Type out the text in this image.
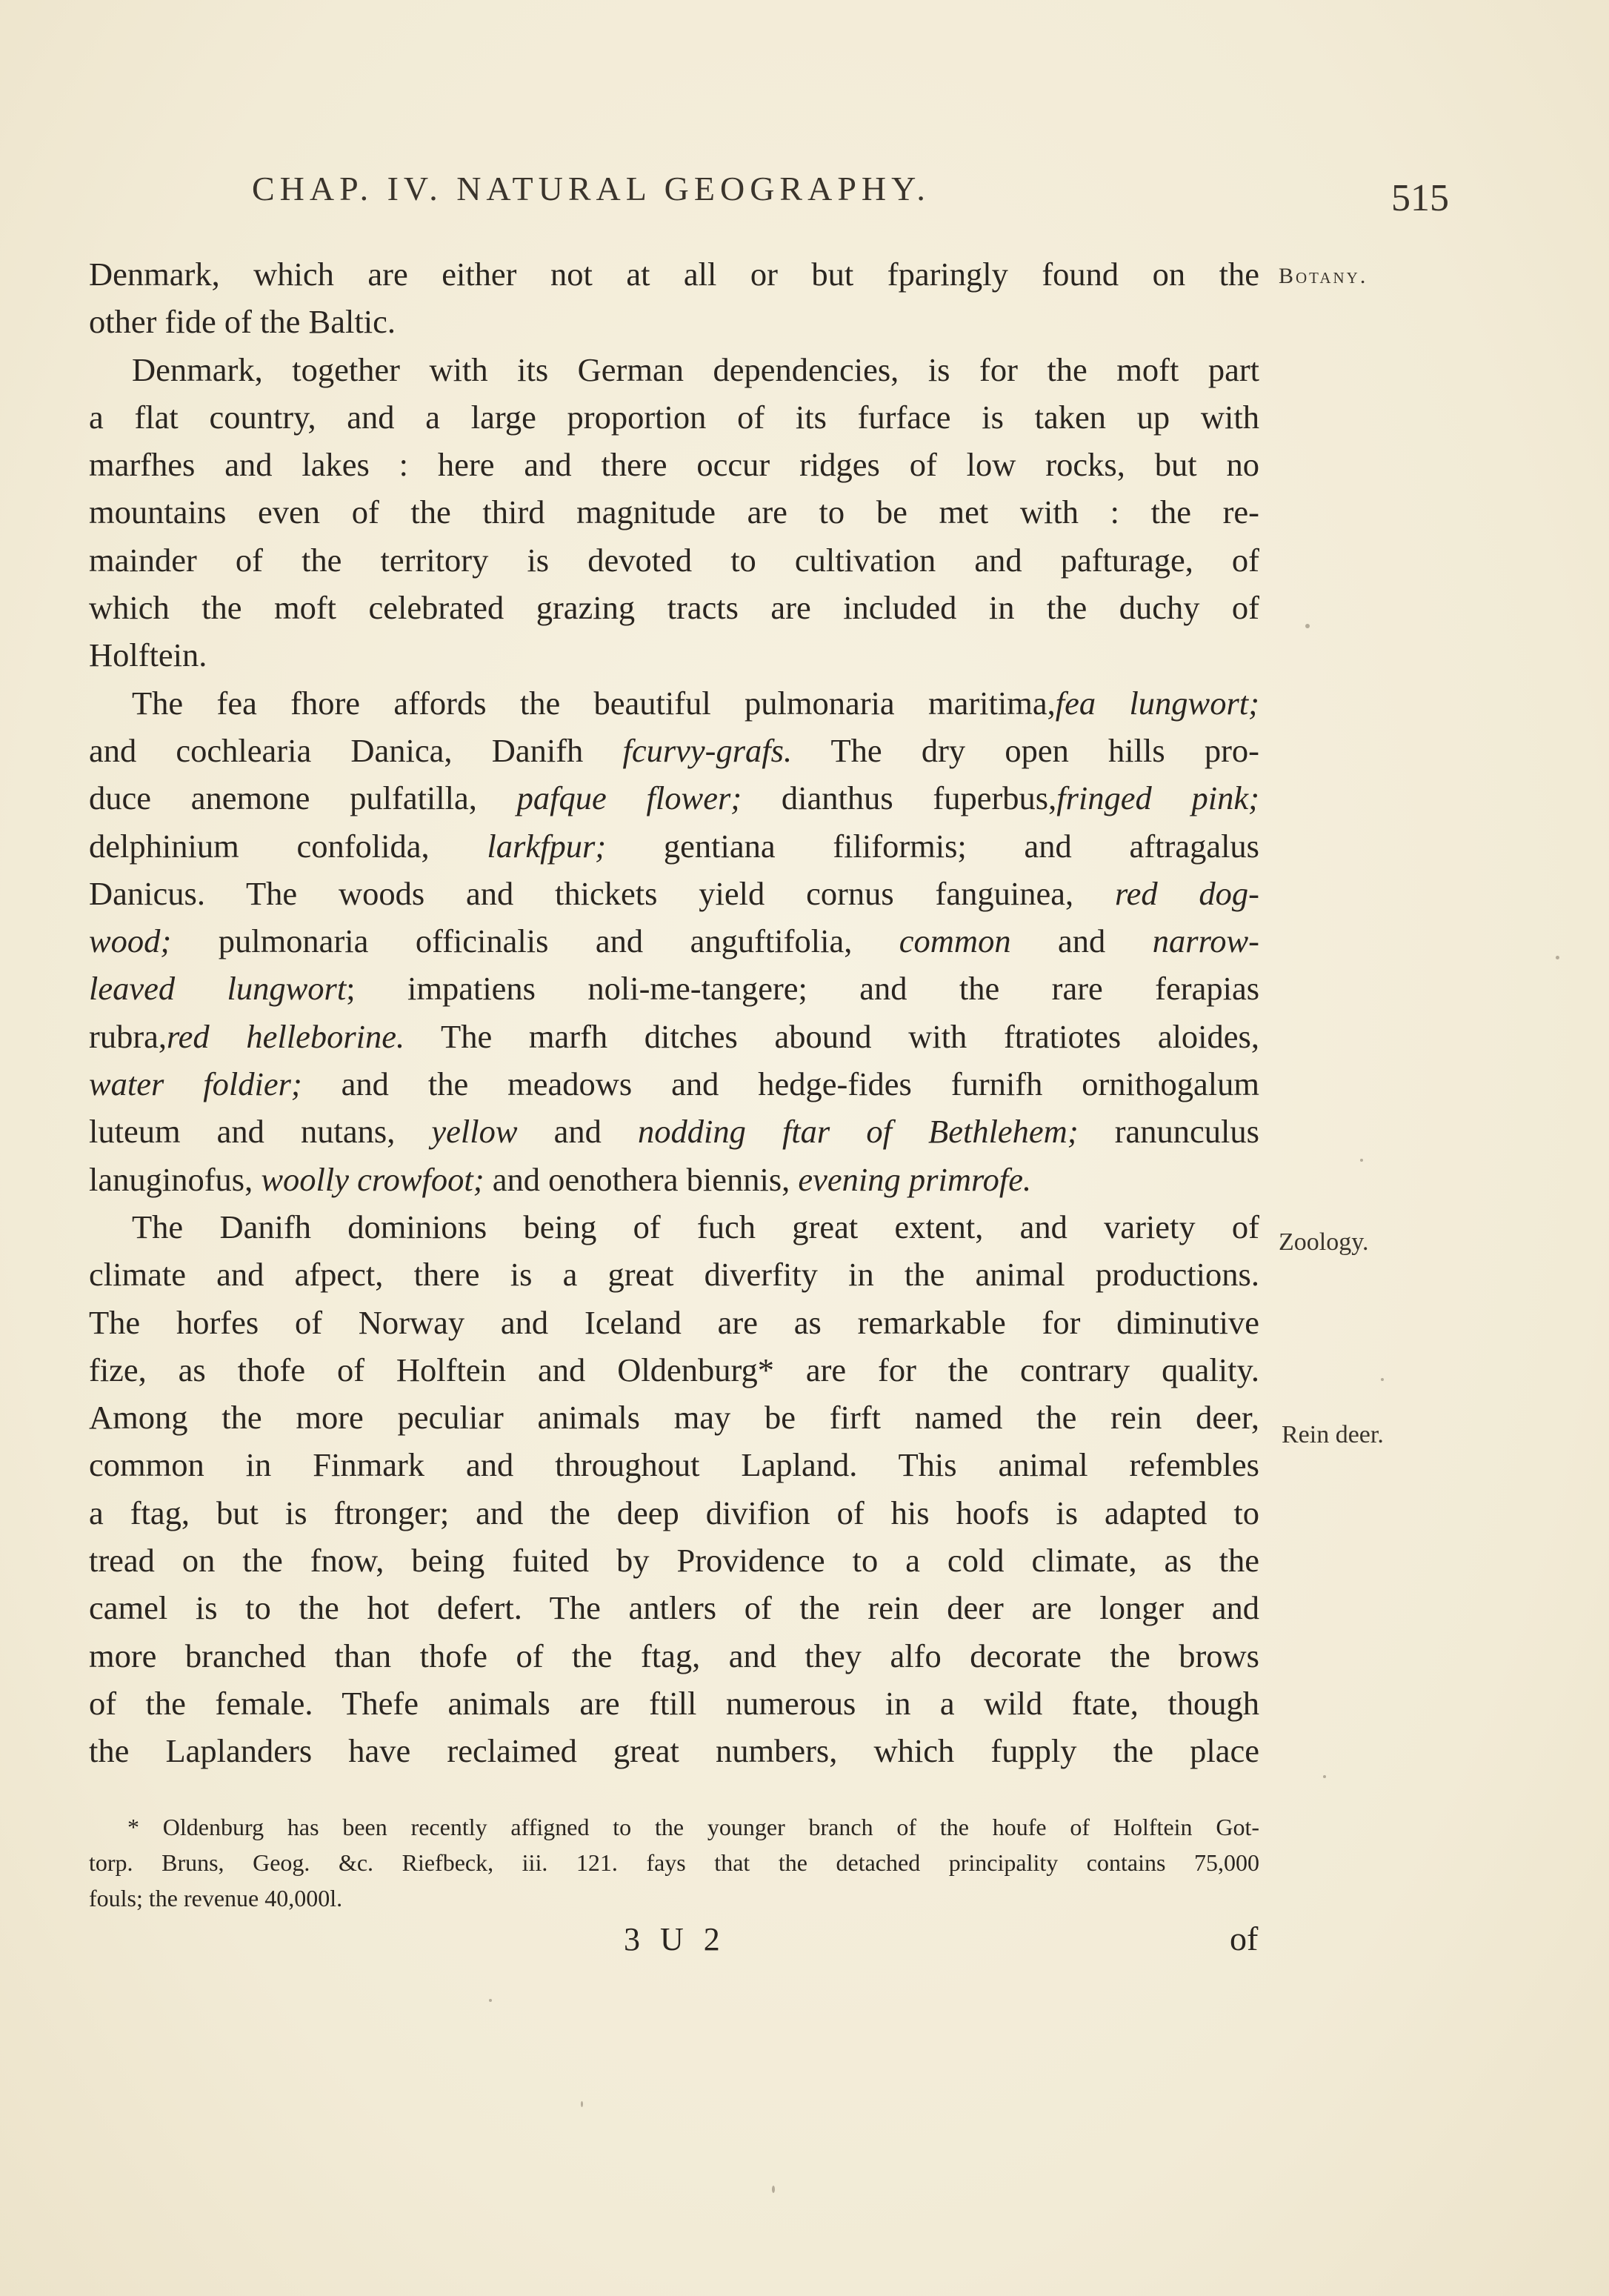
CHAP. IV. NATURAL GEOGRAPHY.	515
Botany.
Zoology.
Rein deer.

Denmark, which are either not at all or but fparingly found on the
other fide of the Baltic.

Denmark, together with its German dependencies, is for the moft part
a flat country, and a large proportion of its furface is taken up with
marfhes and lakes : here and there occur ridges of low rocks, but no
mountains even of the third magnitude are to be met with : the re-
mainder of the territory is devoted to cultivation and pafturage, of
which the moft celebrated grazing tracts are included in the duchy of
Holftein.

The fea fhore affords the beautiful pulmonaria maritima,fea lungwort;
and cochlearia Danica, Danifh fcurvy-grafs. The dry open hills pro-
duce anemone pulfatilla, pafque flower; dianthus fuperbus,fringed pink;
delphinium confolida, larkfpur; gentiana filiformis; and aftragalus
Danicus. The woods and thickets yield cornus fanguinea, red dog-
wood; pulmonaria officinalis and anguftifolia, common and narrow-
leaved lungwort; impatiens noli-me-tangere; and the rare ferapias
rubra,red helleborine. The marfh ditches abound with ftratiotes aloides,
water foldier; and the meadows and hedge-fides furnifh ornithogalum
luteum and nutans, yellow and nodding ftar of Bethlehem; ranunculus
lanuginofus, woolly crowfoot; and oenothera biennis, evening primrofe.

The Danifh dominions being of fuch great extent, and variety of
climate and afpect, there is a great diverfity in the animal productions.
The horfes of Norway and Iceland are as remarkable for diminutive
fize, as thofe of Holftein and Oldenburg* are for the contrary quality.
Among the more peculiar animals may be firft named the rein deer,
common in Finmark and throughout Lapland. This animal refembles
a ftag, but is ftronger; and the deep divifion of his hoofs is adapted to
tread on the fnow, being fuited by Providence to a cold climate, as the
camel is to the hot defert. The antlers of the rein deer are longer and
more branched than thofe of the ftag, and they alfo decorate the brows
of the female. Thefe animals are ftill numerous in a wild ftate, though
the Laplanders have reclaimed great numbers, which fupply the place

* Oldenburg has been recently affigned to the younger branch of the houfe of Holftein Got-
torp. Bruns, Geog. &c. Riefbeck, iii. 121. fays that the detached principality contains 75,000
fouls; the revenue 40,000l.
3 U 2	of
